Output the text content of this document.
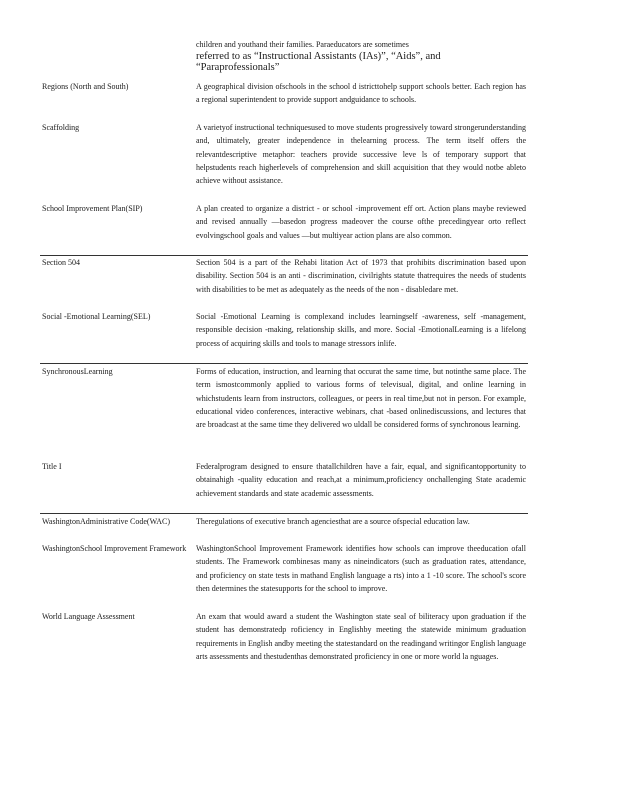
children and youthand their families. Paraeducators are sometimes
referred to as “Instructional Assistants (IAs)”, “Aids”, and
“Paraprofessionals”
Regions (North and South)	A geographical division ofschools in the school d istricttohelp support schools better. Each region has a regional superintendent to provide support andguidance to schools.
Scaffolding	A varietyof instructional techniquesused to move students progressively toward strongerunderstanding and, ultimately, greater independence in thelearning process. The term itself offers the relevantdescriptive metaphor: teachers provide successive leve ls of temporary support that helpstudents reach higherlevels of comprehension and skill acquisition that they would notbe ableto achieve without assistance.
School Improvement Plan(SIP)	A plan created to organize a district - or school -improvement eff ort. Action plans maybe reviewed and revised annually —basedon progress madeover the course ofthe precedingyear orto reflect evolvingschool goals and values —but multiyear action plans are also common.
Section 504	Section 504 is a part of the Rehabi litation Act of 1973 that prohibits discrimination based upon disability. Section 504 is an anti - discrimination, civilrights statute thatrequires the needs of students with disabilities to be met as adequately as the needs of the non - disabledare met.
Social -Emotional Learning(SEL)	Social -Emotional Learning is complexand includes learningself -awareness, self -management, responsible decision -making, relationship skills, and more. Social -EmotionalLearning is a lifelong process of acquiring skills and tools to manage stressors inlife.
SynchronousLearning	Forms of education, instruction, and learning that occurat the same time, but notinthe same place. The term ismostcommonly applied to various forms of televisual, digital, and online learning in whichstudents learn from instructors, colleagues, or peers in real time,but not in person. For example, educational video conferences, interactive webinars, chat -based onlinediscussions, and lectures that are broadcast at the same time they delivered wo uldall be considered forms of synchronous learning.
Title I	Federalprogram designed to ensure thatallchildren have a fair, equal, and significantopportunity to obtainahigh -quality education and reach,at a minimum,proficiency onchallenging State academic achievement standards and state academic assessments.
WashingtonAdministrative Code(WAC)	Theregulations of executive branch agenciesthat are a source ofspecial education law.
WashingtonSchool Improvement Framework	WashingtonSchool Improvement Framework identifies how schools can improve theeducation ofall students. The Framework combinesas many as nineindicators (such as graduation rates, attendance, and proficiency on state tests in mathand English language a rts) into a 1 -10 score. The school's score then determines the statesupports for the school to improve.
World Language Assessment	An exam that would award a student the Washington state seal of biliteracy upon graduation if the student has demonstratedp roficiency in Englishby meeting the statewide minimum graduation requirements in English andby meeting the statestandard on the readingand writingor English language arts assessments and thestudenthas demonstrated proficiency in one or more world la nguages.
